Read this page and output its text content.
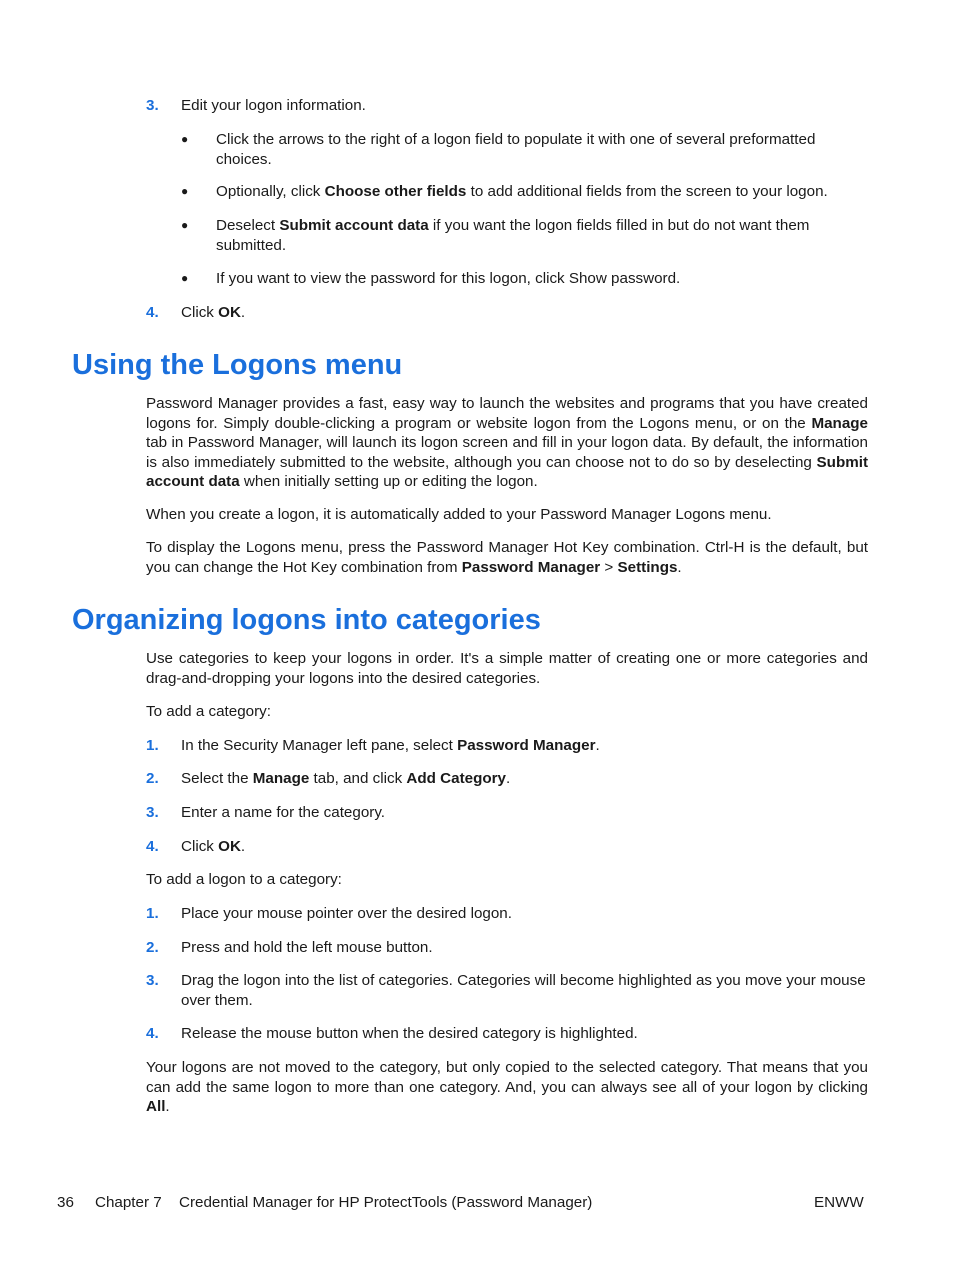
3. Edit your logon information.
● Click the arrows to the right of a logon field to populate it with one of several preformatted choices.
● Optionally, click Choose other fields to add additional fields from the screen to your logon.
● Deselect Submit account data if you want the logon fields filled in but do not want them submitted.
● If you want to view the password for this logon, click Show password.
4. Click OK.
Using the Logons menu
Password Manager provides a fast, easy way to launch the websites and programs that you have created logons for. Simply double-clicking a program or website logon from the Logons menu, or on the Manage tab in Password Manager, will launch its logon screen and fill in your logon data. By default, the information is also immediately submitted to the website, although you can choose not to do so by deselecting Submit account data when initially setting up or editing the logon.
When you create a logon, it is automatically added to your Password Manager Logons menu.
To display the Logons menu, press the Password Manager Hot Key combination. Ctrl-H is the default, but you can change the Hot Key combination from Password Manager > Settings.
Organizing logons into categories
Use categories to keep your logons in order. It's a simple matter of creating one or more categories and drag-and-dropping your logons into the desired categories.
To add a category:
1. In the Security Manager left pane, select Password Manager.
2. Select the Manage tab, and click Add Category.
3. Enter a name for the category.
4. Click OK.
To add a logon to a category:
1. Place your mouse pointer over the desired logon.
2. Press and hold the left mouse button.
3. Drag the logon into the list of categories. Categories will become highlighted as you move your mouse over them.
4. Release the mouse button when the desired category is highlighted.
Your logons are not moved to the category, but only copied to the selected category. That means that you can add the same logon to more than one category. And, you can always see all of your logon by clicking All.
36 Chapter 7 Credential Manager for HP ProtectTools (Password Manager)	ENWW
